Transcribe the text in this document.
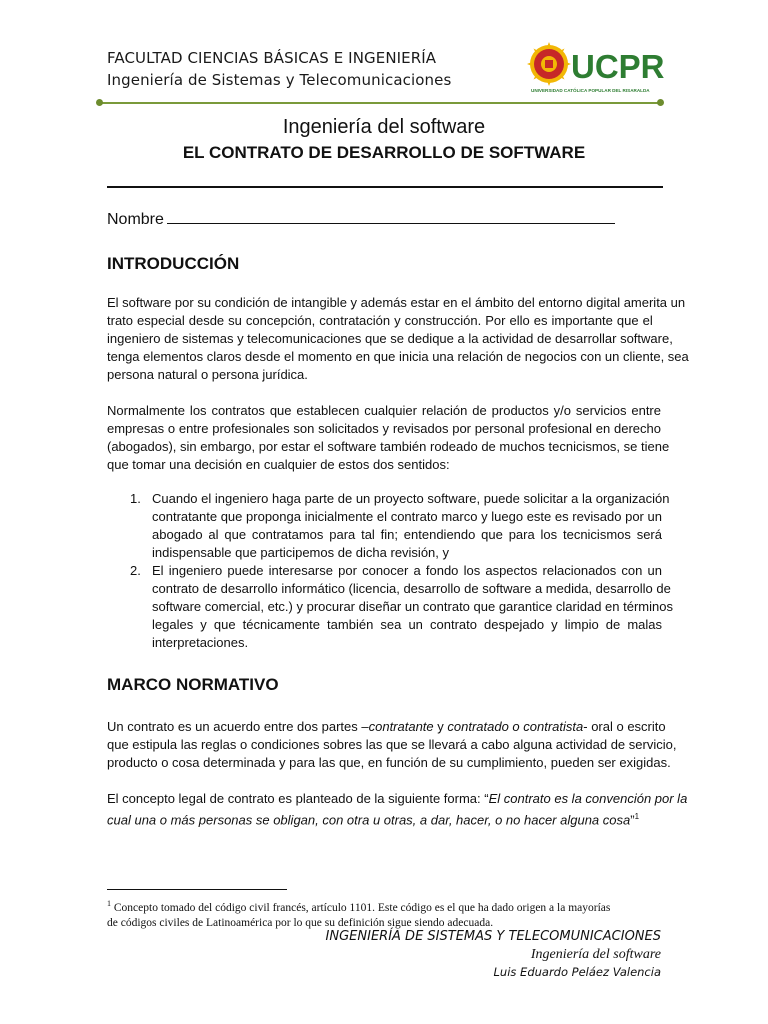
FACULTAD CIENCIAS BÁSICAS E INGENIERÍA
Ingeniería de Sistemas y Telecomunicaciones	UCPR
UNIVERSIDAD CATÓLICA POPULAR DEL RISARALDA
Ingeniería del software
EL CONTRATO DE DESARROLLO DE SOFTWARE
Nombre
INTRODUCCIÓN
El software por su condición de intangible y además estar en el ámbito del entorno digital amerita un
trato especial desde su concepción, contratación y construcción. Por ello es importante que el
ingeniero de sistemas y telecomunicaciones que se dedique a la actividad de desarrollar software,
tenga elementos claros desde el momento en que inicia una relación de negocios con un cliente, sea
persona natural o persona jurídica.
Normalmente los contratos que establecen cualquier relación de productos y/o servicios entre
empresas o entre profesionales son solicitados y revisados por personal profesional en derecho
(abogados), sin embargo, por estar el software también rodeado de muchos tecnicismos, se tiene
que tomar una decisión en cualquier de estos dos sentidos:
1. Cuando el ingeniero haga parte de un proyecto software, puede solicitar a la organización
contratante que proponga inicialmente el contrato marco y luego este es revisado por un
abogado al que contratamos para tal fin; entendiendo que para los tecnicismos será
indispensable que participemos de dicha revisión, y
2. El ingeniero puede interesarse por conocer a fondo los aspectos relacionados con un
contrato de desarrollo informático (licencia, desarrollo de software a medida, desarrollo de
software comercial, etc.) y procurar diseñar un contrato que garantice claridad en términos
legales y que técnicamente también sea un contrato despejado y limpio de malas
interpretaciones.
MARCO NORMATIVO
Un contrato es un acuerdo entre dos partes –contratante y contratado o contratista- oral o escrito
que estipula las reglas o condiciones sobres las que se llevará a cabo alguna actividad de servicio,
producto o cosa determinada y para las que, en función de su cumplimiento, pueden ser exigidas.
El concepto legal de contrato es planteado de la siguiente forma: “El contrato es la convención por la
cual una o más personas se obligan, con otra u otras, a dar, hacer, o no hacer alguna cosa”$^1$
$^1$ Concepto tomado del código civil francés, artículo 1101. Este código es el que ha dado origen a la mayorías
de códigos civiles de Latinoamérica por lo que su definición sigue siendo adecuada.
INGENIERÍA DE SISTEMAS Y TELECOMUNICACIONES
Ingeniería del software
Luis Eduardo Peláez Valencia
